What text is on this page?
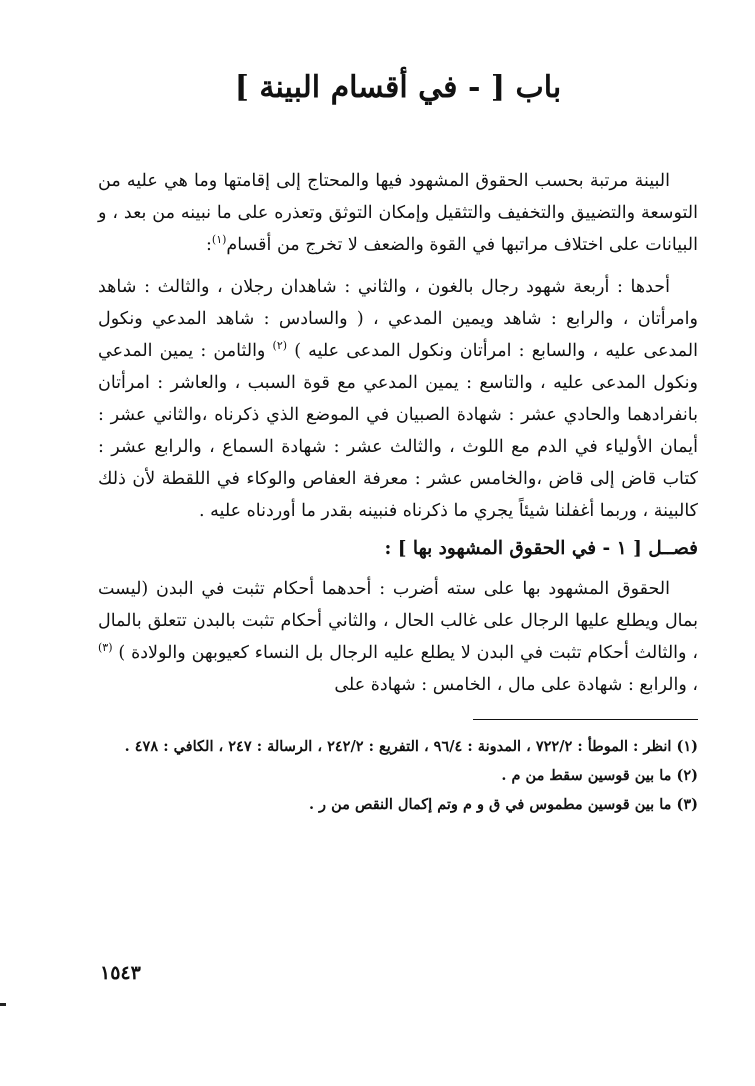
باب [ - في أقسام البينة ]

البينة مرتبة بحسب الحقوق المشهود فيها والمحتاج إلى إقامتها وما هي عليه من التوسعة والتضييق والتخفيف والتثقيل وإمكان التوثق وتعذره على ما نبينه من بعد ، و البيانات على اختلاف مراتبها في القوة والضعف لا تخرج من أقسام$^{(١)}$:

أحدها : أربعة شهود رجال بالغون ، والثاني : شاهدان رجلان ، والثالث : شاهد وامرأتان ، والرابع : شاهد ويمين المدعي ، ( والسادس : شاهد المدعي ونكول المدعى عليه ، والسابع : امرأتان ونكول المدعى عليه ) $^{(٢)}$ والثامن : يمين المدعي ونكول المدعى عليه ، والتاسع : يمين المدعي مع قوة السبب ، والعاشر : امرأتان بانفرادهما والحادي عشر : شهادة الصبيان في الموضع الذي ذكرناه ،والثاني عشر : أيمان الأولياء في الدم مع اللوث ، والثالث عشر : شهادة السماع ، والرابع عشر : كتاب قاض إلى قاض ،والخامس عشر : معرفة العفاص والوكاء في اللقطة لأن ذلك كالبينة ، وربما أغفلنا شيئاً يجري ما ذكرناه فنبينه بقدر ما أوردناه عليه .

فصــل [ ١ - في الحقوق المشهود بها ] :

الحقوق المشهود بها على سته أضرب : أحدهما أحكام تثبت في البدن (ليست بمال ويطلع عليها الرجال على غالب الحال ، والثاني أحكام تثبت بالبدن تتعلق بالمال ، والثالث أحكام تثبت في البدن لا يطلع عليه الرجال بل النساء كعيوبهن والولادة ) $^{(٣)}$ ، والرابع : شهادة على مال ، الخامس : شهادة على

(١) انظر : الموطأ : ٧٢٢/٢ ، المدونة : ٩٦/٤ ، التفريع : ٢٤٢/٢ ، الرسالة : ٢٤٧ ، الكافي : ٤٧٨ .

(٢) ما بين قوسين سقط من م .

(٣) ما بين قوسين مطموس في ق و م وتم إكمال النقص من ر .

١٥٤٣
